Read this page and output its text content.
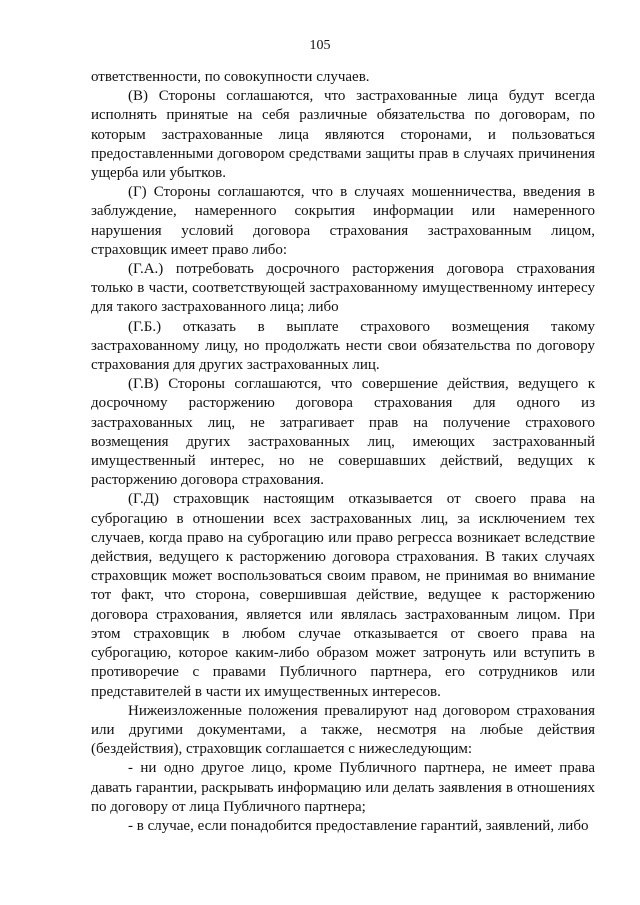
105

ответственности, по совокупности случаев.

(В) Стороны соглашаются, что застрахованные лица будут всегда исполнять принятые на себя различные обязательства по договорам, по которым застрахованные лица являются сторонами, и пользоваться предоставленными договором средствами защиты прав в случаях причинения ущерба или убытков.

(Г) Стороны соглашаются, что в случаях мошенничества, введения в заблуждение, намеренного сокрытия информации или намеренного нарушения условий договора страхования застрахованным лицом, страховщик имеет право либо:

(Г.А.) потребовать досрочного расторжения договора страхования только в части, соответствующей застрахованному имущественному интересу для такого застрахованного лица; либо

(Г.Б.) отказать в выплате страхового возмещения такому застрахованному лицу, но продолжать нести свои обязательства по договору страхования для других застрахованных лиц.

(Г.В) Стороны соглашаются, что совершение действия, ведущего к досрочному расторжению договора страхования для одного из застрахованных лиц, не затрагивает прав на получение страхового возмещения других застрахованных лиц, имеющих застрахованный имущественный интерес, но не совершавших действий, ведущих к расторжению договора страхования.

(Г.Д) страховщик настоящим отказывается от своего права на суброгацию в отношении всех застрахованных лиц, за исключением тех случаев, когда право на суброгацию или право регресса возникает вследствие действия, ведущего к расторжению договора страхования. В таких случаях страховщик может воспользоваться своим правом, не принимая во внимание тот факт, что сторона, совершившая действие, ведущее к расторжению договора страхования, является или являлась застрахованным лицом. При этом страховщик в любом случае отказывается от своего права на суброгацию, которое каким-либо образом может затронуть или вступить в противоречие с правами Публичного партнера, его сотрудников или представителей в части их имущественных интересов.

Нижеизложенные положения превалируют над договором страхования или другими документами, а также, несмотря на любые действия (бездействия), страховщик соглашается с нижеследующим:

- ни одно другое лицо, кроме Публичного партнера, не имеет права давать гарантии, раскрывать информацию или делать заявления в отношениях по договору от лица Публичного партнера;

- в случае, если понадобится предоставление гарантий, заявлений, либо
